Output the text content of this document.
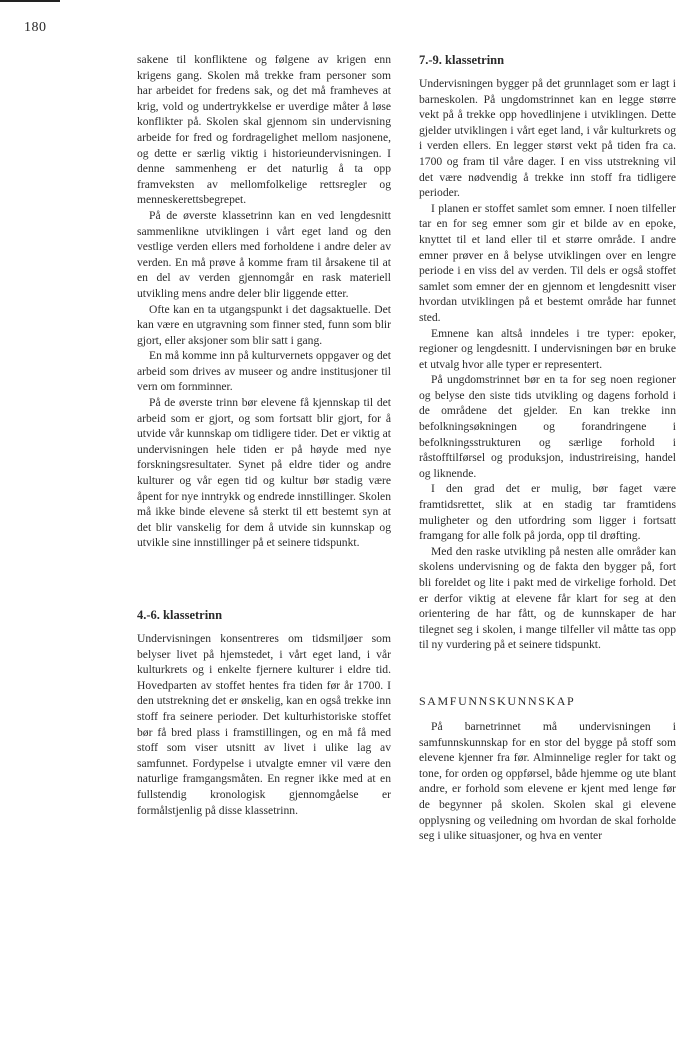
180

sakene til konfliktene og følgene av krigen enn krigens gang. Skolen må trekke fram personer som har arbeidet for fredens sak, og det må framheves at krig, vold og undertrykkelse er uverdige måter å løse konflikter på. Skolen skal gjennom sin undervisning arbeide for fred og fordragelighet mellom nasjonene, og dette er særlig viktig i historieundervisningen. I denne sammenheng er det naturlig å ta opp framveksten av mellomfolkelige rettsregler og menneskerettsbegrepet.

På de øverste klassetrinn kan en ved lengdesnitt sammenlikne utviklingen i vårt eget land og den vestlige verden ellers med forholdene i andre deler av verden. En må prøve å komme fram til årsakene til at en del av verden gjennomgår en rask materiell utvikling mens andre deler blir liggende etter.

Ofte kan en ta utgangspunkt i det dagsaktuelle. Det kan være en utgravning som finner sted, funn som blir gjort, eller aksjoner som blir satt i gang.

En må komme inn på kulturvernets oppgaver og det arbeid som drives av museer og andre institusjoner til vern om fornminner.

På de øverste trinn bør elevene få kjennskap til det arbeid som er gjort, og som fortsatt blir gjort, for å utvide vår kunnskap om tidligere tider. Det er viktig at undervisningen hele tiden er på høyde med nye forskningsresultater. Synet på eldre tider og andre kulturer og vår egen tid og kultur bør stadig være åpent for nye inntrykk og endrede innstillinger. Skolen må ikke binde elevene så sterkt til ett bestemt syn at det blir vanskelig for dem å utvide sin kunnskap og utvikle sine innstillinger på et seinere tidspunkt.

4.-6. klassetrinn

Undervisningen konsentreres om tidsmiljøer som belyser livet på hjemstedet, i vårt eget land, i vår kulturkrets og i enkelte fjernere kulturer i eldre tid. Hovedparten av stoffet hentes fra tiden før år 1700. I den utstrekning det er ønskelig, kan en også trekke inn stoff fra seinere perioder. Det kulturhistoriske stoffet bør få bred plass i framstillingen, og en må få med stoff som viser utsnitt av livet i ulike lag av samfunnet. Fordypelse i utvalgte emner vil være den naturlige framgangsmåten. En regner ikke med at en fullstendig kronologisk gjennomgåelse er formålstjenlig på disse klassetrinn.

7.-9. klassetrinn

Undervisningen bygger på det grunnlaget som er lagt i barneskolen. På ungdomstrinnet kan en legge større vekt på å trekke opp hovedlinjene i utviklingen. Dette gjelder utviklingen i vårt eget land, i vår kulturkrets og i verden ellers. En legger størst vekt på tiden fra ca. 1700 og fram til våre dager. I en viss utstrekning vil det være nødvendig å trekke inn stoff fra tidligere perioder.

I planen er stoffet samlet som emner. I noen tilfeller tar en for seg emner som gir et bilde av en epoke, knyttet til et land eller til et større område. I andre emner prøver en å belyse utviklingen over en lengre periode i en viss del av verden. Til dels er også stoffet samlet som emner der en gjennom et lengdesnitt viser hvordan utviklingen på et bestemt område har funnet sted.

Emnene kan altså inndeles i tre typer: epoker, regioner og lengdesnitt. I undervisningen bør en bruke et utvalg hvor alle typer er representert.

På ungdomstrinnet bør en ta for seg noen regioner og belyse den siste tids utvikling og dagens forhold i de områdene det gjelder. En kan trekke inn befolkningsøkningen og forandringene i befolkningsstrukturen og særlige forhold i råstofftilførsel og produksjon, industrireising, handel og liknende.

I den grad det er mulig, bør faget være framtidsrettet, slik at en stadig tar framtidens muligheter og den utfordring som ligger i fortsatt framgang for alle folk på jorda, opp til drøfting.

Med den raske utvikling på nesten alle områder kan skolens undervisning og de fakta den bygger på, fort bli foreldet og lite i pakt med de virkelige forhold. Det er derfor viktig at elevene får klart for seg at den orientering de har fått, og de kunnskaper de har tilegnet seg i skolen, i mange tilfeller vil måtte tas opp til ny vurdering på et seinere tidspunkt.

SAMFUNNSKUNNSKAP

På barnetrinnet må undervisningen i samfunnskunnskap for en stor del bygge på stoff som elevene kjenner fra før. Alminnelige regler for takt og tone, for orden og oppførsel, både hjemme og ute blant andre, er forhold som elevene er kjent med lenge før de begynner på skolen. Skolen skal gi elevene opplysning og veiledning om hvordan de skal forholde seg i ulike situasjoner, og hva en venter
